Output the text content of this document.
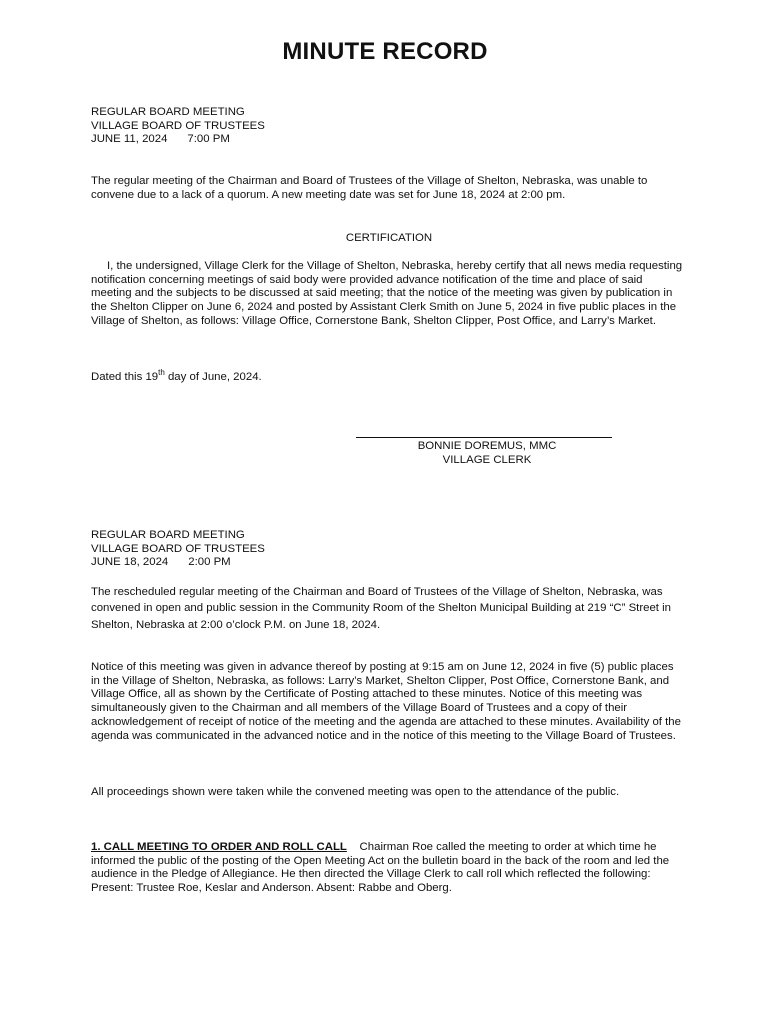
MINUTE RECORD
REGULAR BOARD MEETING
VILLAGE BOARD OF TRUSTEES
JUNE 11, 2024 7:00 PM

The regular meeting of the Chairman and Board of Trustees of the Village of Shelton, Nebraska, was unable to convene due to a lack of a quorum. A new meeting date was set for June 18, 2024 at 2:00 pm.

CERTIFICATION

I, the undersigned, Village Clerk for the Village of Shelton, Nebraska, hereby certify that all news media requesting notification concerning meetings of said body were provided advance notification of the time and place of said meeting and the subjects to be discussed at said meeting; that the notice of the meeting was given by publication in the Shelton Clipper on June 6, 2024 and posted by Assistant Clerk Smith on June 5, 2024 in five public places in the Village of Shelton, as follows: Village Office, Cornerstone Bank, Shelton Clipper, Post Office, and Larry’s Market.

Dated this 19th day of June, 2024.
BONNIE DOREMUS, MMC
VILLAGE CLERK
REGULAR BOARD MEETING
VILLAGE BOARD OF TRUSTEES
JUNE 18, 2024 2:00 PM

The rescheduled regular meeting of the Chairman and Board of Trustees of the Village of Shelton, Nebraska, was convened in open and public session in the Community Room of the Shelton Municipal Building at 219 “C” Street in Shelton, Nebraska at 2:00 o’clock P.M. on June 18, 2024.

Notice of this meeting was given in advance thereof by posting at 9:15 am on June 12, 2024 in five (5) public places in the Village of Shelton, Nebraska, as follows: Larry’s Market, Shelton Clipper, Post Office, Cornerstone Bank, and Village Office, all as shown by the Certificate of Posting attached to these minutes. Notice of this meeting was simultaneously given to the Chairman and all members of the Village Board of Trustees and a copy of their acknowledgement of receipt of notice of the meeting and the agenda are attached to these minutes. Availability of the agenda was communicated in the advanced notice and in the notice of this meeting to the Village Board of Trustees.

All proceedings shown were taken while the convened meeting was open to the attendance of the public.

1. CALL MEETING TO ORDER AND ROLL CALL Chairman Roe called the meeting to order at which time he informed the public of the posting of the Open Meeting Act on the bulletin board in the back of the room and led the audience in the Pledge of Allegiance. He then directed the Village Clerk to call roll which reflected the following: Present: Trustee Roe, Keslar and Anderson. Absent: Rabbe and Oberg.
